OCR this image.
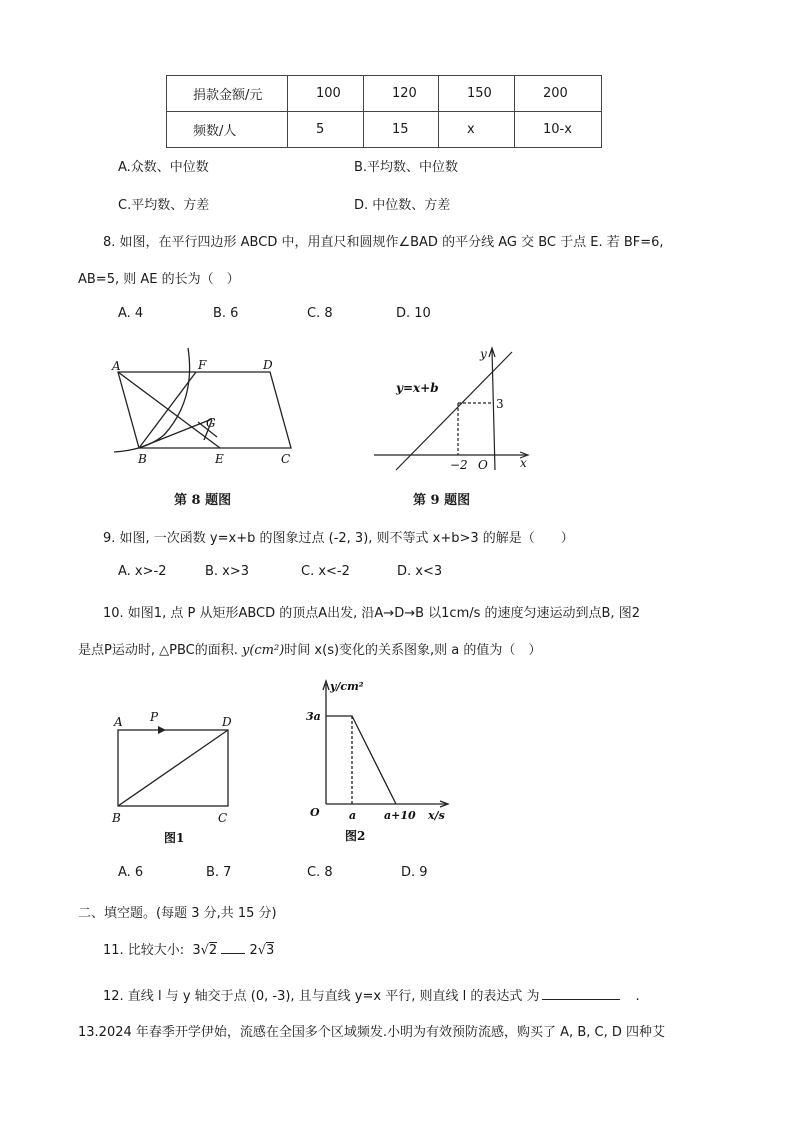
捐款金额/元	100	120	150	200
频数/人	5	15	x	10-x
A.众数、中位数	B.平均数、中位数
C.平均数、方差	D. 中位数、方差
8. 如图，在平行四边形 ABCD 中，用直尺和圆规作∠BAD 的平分线 AG 交 BC 于点 E. 若 BF=6,
AB=5, 则 AE 的长为（　）
A. 4	B. 6	C. 8	D. 10
A	F	D
G
B	E	C
第 8 题图
y=x+b
y
x
3
−2 O
第 9 题图
9. 如图, 一次函数 y=x+b 的图象过点 (-2, 3), 则不等式 x+b>3 的解是（　　）
A. x>-2	B. x>3	C. x<-2	D. x<3
10. 如图1, 点 P 从矩形ABCD 的顶点A出发, 沿A→D→B 以1cm/s 的速度匀速运动到点B, 图2
是点P运动时, △PBC的面积. y(cm²)时间 x(s)变化的关系图象,则 a 的值为（　）
A P	D
B	C
图1
y/cm²
x/s
3a
a	a+10
O
图2
A. 6	B. 7	C. 8	D. 9
二、填空题。(每题 3 分,共 15 分)
11. 比较大小: 3√2 2√3
12. 直线 l 与 y 轴交于点 (0, -3), 且与直线 y=x 平行, 则直线 l 的表达式 为	.
13.2024 年春季开学伊始，流感在全国多个区域频发.小明为有效预防流感，购买了 A, B, C, D 四种艾
